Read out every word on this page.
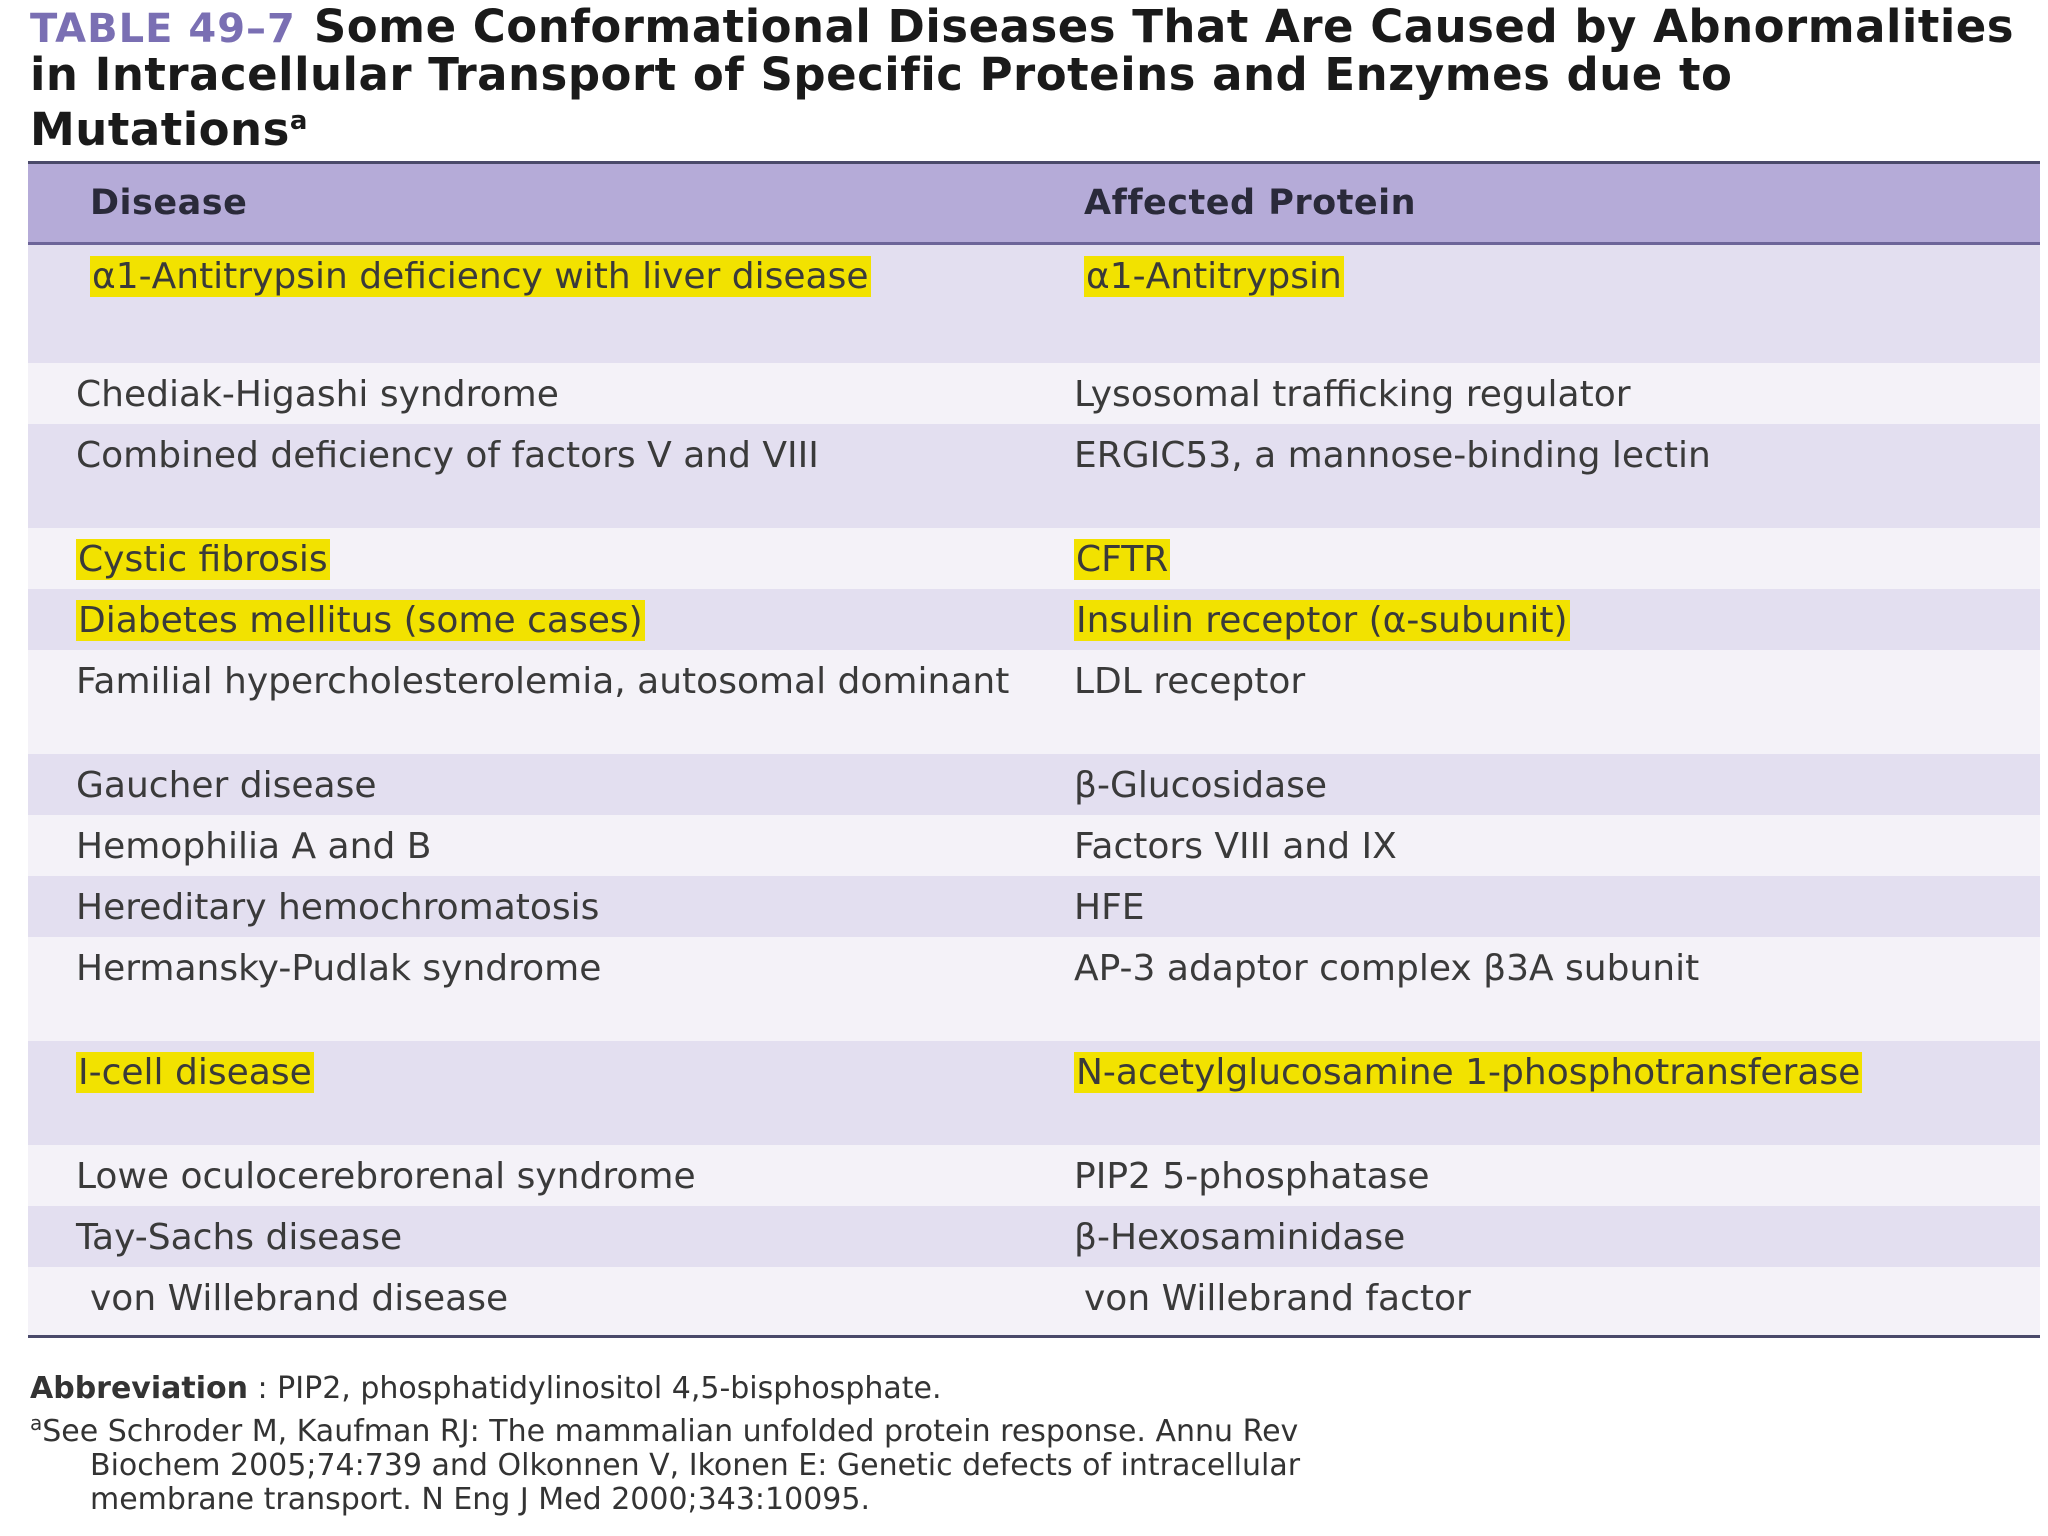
TABLE 49–7 Some Conformational Diseases That Are Caused by Abnormalities in Intracellular Transport of Specific Proteins and Enzymes due to Mutations$^a$
Disease	Affected Protein
α1-Antitrypsin deficiency with liver disease	α1-Antitrypsin
Chediak-Higashi syndrome	Lysosomal trafficking regulator
Combined deficiency of factors V and VIII	ERGIC53, a mannose-binding lectin
Cystic fibrosis	CFTR
Diabetes mellitus (some cases)	Insulin receptor (α-subunit)
Familial hypercholesterolemia, autosomal dominant	LDL receptor
Gaucher disease	β-Glucosidase
Hemophilia A and B	Factors VIII and IX
Hereditary hemochromatosis	HFE
Hermansky-Pudlak syndrome	AP-3 adaptor complex β3A subunit
I-cell disease	N-acetylglucosamine 1-phosphotransferase
Lowe oculocerebrorenal syndrome	PIP2 5-phosphatase
Tay-Sachs disease	β-Hexosaminidase
von Willebrand disease	von Willebrand factor
Abbreviation : PIP2, phosphatidylinositol 4,5-bisphosphate.
$^a$See Schroder M, Kaufman RJ: The mammalian unfolded protein response. Annu Rev
Biochem 2005;74:739 and Olkonnen V, Ikonen E: Genetic defects of intracellular
membrane transport. N Eng J Med 2000;343:10095.
